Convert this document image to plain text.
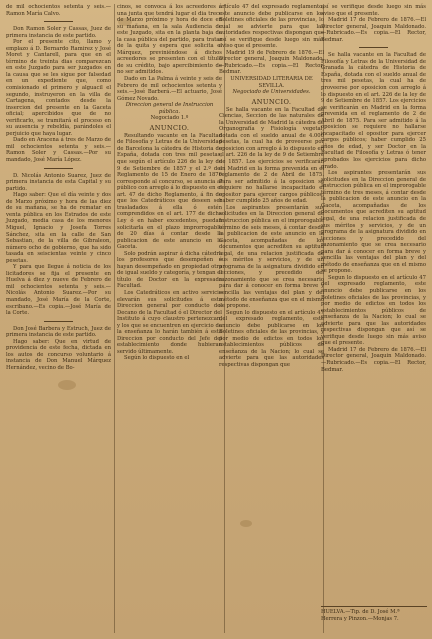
de mil ochocientos setenta y seis.—Ramon María Calvo.

Don Ramon Soler y Cassas, Juez de primera instancia de este partido.

Por el presente cito, llamo y emplazo á D. Bernardo Ramirez y José Moret y Cantarell, para que en el término de treinta dias comparezcan en este Juzgado para ser juzgados en la causa que se les sigue por falsedad en un expediente que, como comisionado el primero y alguacil el segundo, instruyeron en la villa de Cartagena, contados desde la insercion del presente en la Gaceta oficial; apercibidos que de no verificarlo, se tramitará el proceso en su ausencia y rebeldía, parándoles el perjuicio que haya lugar.

Dado en Aracena á tres de Marzo de mil ochocientos setenta y seis.—Ramon Soler y Cassas.—Por su mandado, José María López.

D. Nicolás Antonio Suarez, Juez de primera instancia de esta Capital y su partido.

Hago saber: Que el día veinte y dos de Marzo próximo y hora de las diez de su mañana, se ha de rematar en venta pública en los Estrados de este Juzgado, media casa de los menores Miguel, Ignacio y Josefa Torres Sánchez, sita en la calle de San Sebastian, de la villa de Gibraleon, número ocho de gobierno, que ha sido tasada en seiscientas veinte y cinco pesetas.

Y para que llegue á noticia de los licitadores se fija el presente en Huelva á diez y nueve de Febrero de mil ochocientos setenta y seis.—Nicolás Antonio Suarez.—Por su mandado, José María de la Corte, escribano.—Es copia.—José María de la Corte.

Don José Barbera y Estruch, Juez de primera instancia de este partido.

Hago saber: Que en virtud de providencia de este fecha, dictada en los autos de concurso voluntario á instancia de Don Manuel Márquez Hernández, vecino de Bo-

cinos, se convoca á los acreedores á una junta que tendrá lugar el dia trece de Marzo próximo y hora de doce en su mañana, en la sala Audiencia de este Juzgado, sita en la planta baja de la casa pública del partido, para tratar de la quita y espera que solicita el Márquez, previniéndose á dichos acreedores se presenten con el título de su crédito, bajo apercibimiento de no ser admitidos.

Dado en La Palma á veinte y seis de Febrero de mil ochocientos setenta y seis.—José Barberá.—El actuario, José Gómez Novado.

Direccion general de Instruccion pública.

Negociado 1.º

ANUNCIO.

Resultando vacante en la Facultad de Filosofía y Letras de la Universidad de Barcelona la cátedra de Historia de España, dotada con tres mil pesetas, que según el artículo 226 de la ley de 9 de Setiembre de 1857 y el 2.º del Reglamento de 15 de Enero de 1870 corresponde al concurso, se anuncia al público con arreglo á lo dispuesto en el art. 47 de dicho Reglamento, á fin de que los Catedráticos que deseen ser trasladados á ella ó estén comprendidos en el art. 177 de dicha Ley ó en haber excedentes, puedan solicitarla en el plazo improrrogable de 20 días á contar desde la publicacion de este anuncio en la Gaceta.

Solo podrán aspirar á dicha cátedra los profesores que desempeñen ó hayan desempeñado en propiedad otra de igual sueldo y categoría, y tengan el título de Doctor en la expresada Facultad.

Los Catedráticos en activo servicio elevarán sus solicitudes á esta Direccion general por conducto del Decano de la Facultad ó el Director del Instituto á cuyo claustro pertenezcan, y los que se encuentren en ejercicio de la enseñanza lo harán también á esta Direccion por conducto del Jefe del establecimiento donde hubieran servido últimamente.

Según lo dispuesto en el

artículo 47 del expresado reglamento, este anuncio debe publicarse en los Boletines oficiales de las provincias, lo cual se advierte para que las autoridades respectivas dispongan que así se verifique desde luego sin más aviso que el presente.

Madrid 19 de Febrero de 1876.—El Director general, Joaquin Maldonado.—Rubricado.—Es copia.—El Rector, Bedmar.

UNIVERSIDAD LITERARIA DE SEVILLA.

Negociado de Universidades.

ANUNCIO.

Se halla vacante en la Facultad de Ciencias, Seccion de las naturales de la Universidad de Madrid la cátedra de Organografía y Fisiología vegetal, dotada con el sueldo anual de 4.000 pesetas, la cual ha de proveerse por oposicion con arreglo á lo dispuesto en el art. 226 de la ley de 9 de Setiembre de 1857. Los ejercicios se verificarán en Madrid en la forma prevenida en el reglamento de 2 de Abril de 1875. Para ser admitido á la oposicion se requiere no hallarse incapacitado el opositor para ejercer cargos públicos; haber cumplido 25 años de edad.

Los aspirantes presentarán sus solicitudes en la Direccion general de Instruccion pública en el improrogable término de seis meses, á contar desde la publicacion de este anuncio en la Gaceta, acompañadas de los documentos que acrediten su aptitud legal, de una relacion justificada de sus méritos y servicios, y de un programa de la asignatura dividido en lecciones, y precedido del razonamiento que se crea necesario para dar á conocer en forma breve y sencilla las ventajas del plan y del método de enseñanza que en el mismo se propone.

Segun lo dispuesto en el artículo 47 del expresado reglamento, este anuncio debe publicarse en los Boletines oficiales de las provincias, y por medio de edictos en todos los establecimientos públicos de enseñanza de la Nacion; lo cual se advierte para que las autoridades respectivas dispongan que

así se verifique desde luego sin más aviso que el presente.

Madrid 17 de Febrero de 1876.—El Director general, Joaquin Maldonado.—Rubricado.—Es copia.—El Rector, Bedmar.

Se halla vacante en la Facultad de Filosofía y Letras de la Universidad de Granada la cátedra de Historia de España, dotada con el sueldo anual de tres mil pesetas, la cual ha de proveerse por oposicion con arreglo á lo dispuesto en el art. 226 de la ley de 9 de Setiembre de 1857. Los ejercicios se verificarán en Madrid en la forma prevenida en el reglamento de 2 de Abril de 1875. Para ser admitido á la oposicion se requiere no hallarse incapacitado el opositor para ejercer cargos públicos; haber cumplido 25 años de edad, y ser Doctor en la Facultad de Filosofía y Letras ó tener aprobados los ejercicios para dicho grado.

Los aspirantes presentarán sus solicitudes en la Direccion general de Instruccion pública en el improrogable término de tres meses, á contar desde la publicacion de este anuncio en la Gaceta, acompañadas de los documentos que acrediten su aptitud legal, de una relacion justificada de sus méritos y servicios, y de un programa de la asignatura dividido en lecciones y precedido del razonamiento que se crea necesario para dar á conocer en forma breve y sencilla las ventajas del plan y del método de enseñanza que en el mismo se propone.

Segun lo dispuesto en el artículo 47 del expresado reglamento, este anuncio debe publicarse en los Boletines oficiales de las provincias, y por medio de edictos en todos los establecimientos públicos de enseñanza de la Nacion; lo cual se advierte para que las autoridades respectivas dispongan que así se verifique desde luego sin más aviso que el presente.

Madrid 17 de Febrero de 1876.—El Director general, Joaquin Maldonado.—Rubricado.—Es copia.—El Rector, Bedmar.

HUELVA.—Tip. de D. José M.ª

Herrera y Pinzon.—Monjas 7.
